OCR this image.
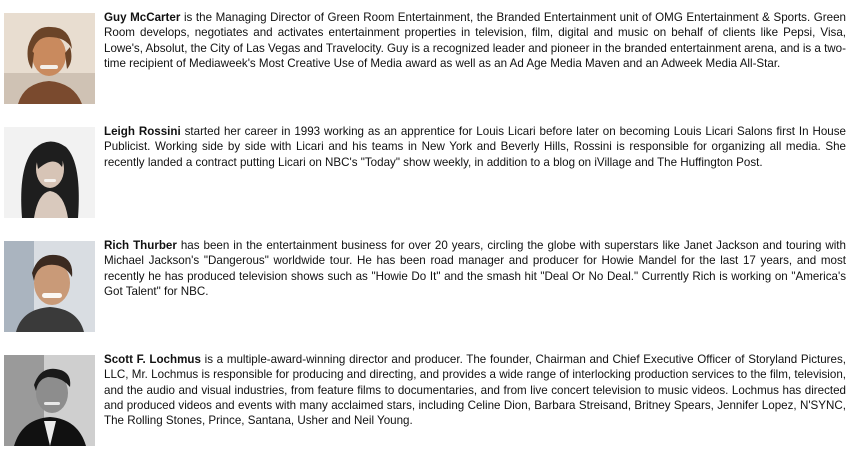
Guy McCarter is the Managing Director of Green Room Entertainment, the Branded Entertainment unit of OMG Entertainment & Sports. Green Room develops, negotiates and activates entertainment properties in television, film, digital and music on behalf of clients like Pepsi, Visa, Lowe's, Absolut, the City of Las Vegas and Travelocity. Guy is a recognized leader and pioneer in the branded entertainment arena, and is a two-time recipient of Mediaweek's Most Creative Use of Media award as well as an Ad Age Media Maven and an Adweek Media All-Star.
Leigh Rossini started her career in 1993 working as an apprentice for Louis Licari before later on becoming Louis Licari Salons first In House Publicist. Working side by side with Licari and his teams in New York and Beverly Hills, Rossini is responsible for organizing all media. She recently landed a contract putting Licari on NBC's "Today" show weekly, in addition to a blog on iVillage and The Huffington Post.
Rich Thurber has been in the entertainment business for over 20 years, circling the globe with superstars like Janet Jackson and touring with Michael Jackson's "Dangerous" worldwide tour. He has been road manager and producer for Howie Mandel for the last 17 years, and most recently he has produced television shows such as "Howie Do It" and the smash hit "Deal Or No Deal." Currently Rich is working on "America's Got Talent" for NBC.
Scott F. Lochmus is a multiple-award-winning director and producer. The founder, Chairman and Chief Executive Officer of Storyland Pictures, LLC, Mr. Lochmus is responsible for producing and directing, and provides a wide range of interlocking production services to the film, television, and the audio and visual industries, from feature films to documentaries, and from live concert television to music videos. Lochmus has directed and produced videos and events with many acclaimed stars, including Celine Dion, Barbara Streisand, Britney Spears, Jennifer Lopez, N'SYNC, The Rolling Stones, Prince, Santana, Usher and Neil Young.
